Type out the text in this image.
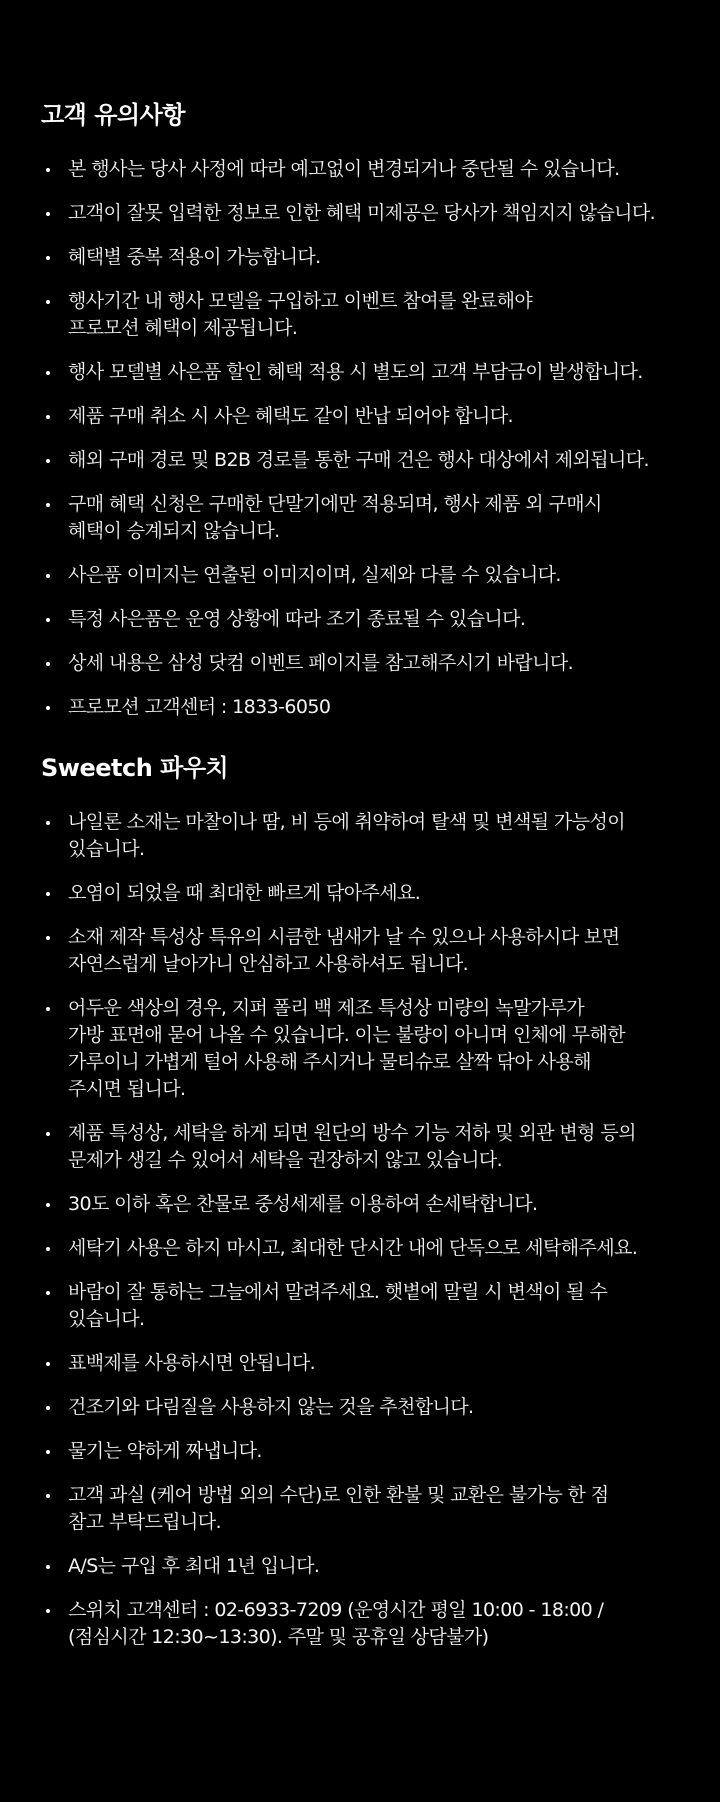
고객 유의사항
본 행사는 당사 사정에 따라 예고없이 변경되거나 중단될 수 있습니다.
고객이 잘못 입력한 정보로 인한 혜택 미제공은 당사가 책임지지 않습니다.
혜택별 중복 적용이 가능합니다.
행사기간 내 행사 모델을 구입하고 이벤트 참여를 완료해야
프로모션 혜택이 제공됩니다.
행사 모델별 사은품 할인 혜택 적용 시 별도의 고객 부담금이 발생합니다.
제품 구매 취소 시 사은 혜택도 같이 반납 되어야 합니다.
해외 구매 경로 및 B2B 경로를 통한 구매 건은 행사 대상에서 제외됩니다.
구매 혜택 신청은 구매한 단말기에만 적용되며, 행사 제품 외 구매시
혜택이 승계되지 않습니다.
사은품 이미지는 연출된 이미지이며, 실제와 다를 수 있습니다.
특정 사은품은 운영 상황에 따라 조기 종료될 수 있습니다.
상세 내용은 삼성 닷컴 이벤트 페이지를 참고해주시기 바랍니다.
프로모션 고객센터 : 1833-6050
Sweetch 파우치
나일론 소재는 마찰이나 땀, 비 등에 취약하여 탈색 및 변색될 가능성이
있습니다.
오염이 되었을 때 최대한 빠르게 닦아주세요.
소재 제작 특성상 특유의 시큼한 냄새가 날 수 있으나 사용하시다 보면
자연스럽게 날아가니 안심하고 사용하셔도 됩니다.
어두운 색상의 경우, 지퍼 폴리 백 제조 특성상 미량의 녹말가루가
가방 표면애 묻어 나올 수 있습니다. 이는 불량이 아니며 인체에 무해한
가루이니 가볍게 털어 사용해 주시거나 물티슈로 살짝 닦아 사용해
주시면 됩니다.
제품 특성상, 세탁을 하게 되면 원단의 방수 기능 저하 및 외관 변형 등의
문제가 생길 수 있어서 세탁을 권장하지 않고 있습니다.
30도 이하 혹은 찬물로 중성세제를 이용하여 손세탁합니다.
세탁기 사용은 하지 마시고, 최대한 단시간 내에 단독으로 세탁해주세요.
바람이 잘 통하는 그늘에서 말려주세요. 햇볕에 말릴 시 변색이 될 수
있습니다.
표백제를 사용하시면 안됩니다.
건조기와 다림질을 사용하지 않는 것을 추천합니다.
물기는 약하게 짜냅니다.
고객 과실 (케어 방법 외의 수단)로 인한 환불 및 교환은 불가능 한 점
참고 부탁드립니다.
A/S는 구입 후 최대 1년 입니다.
스위치 고객센터 : 02-6933-7209 (운영시간 평일 10:00 - 18:00 /
(점심시간 12:30~13:30). 주말 및 공휴일 상담불가)
